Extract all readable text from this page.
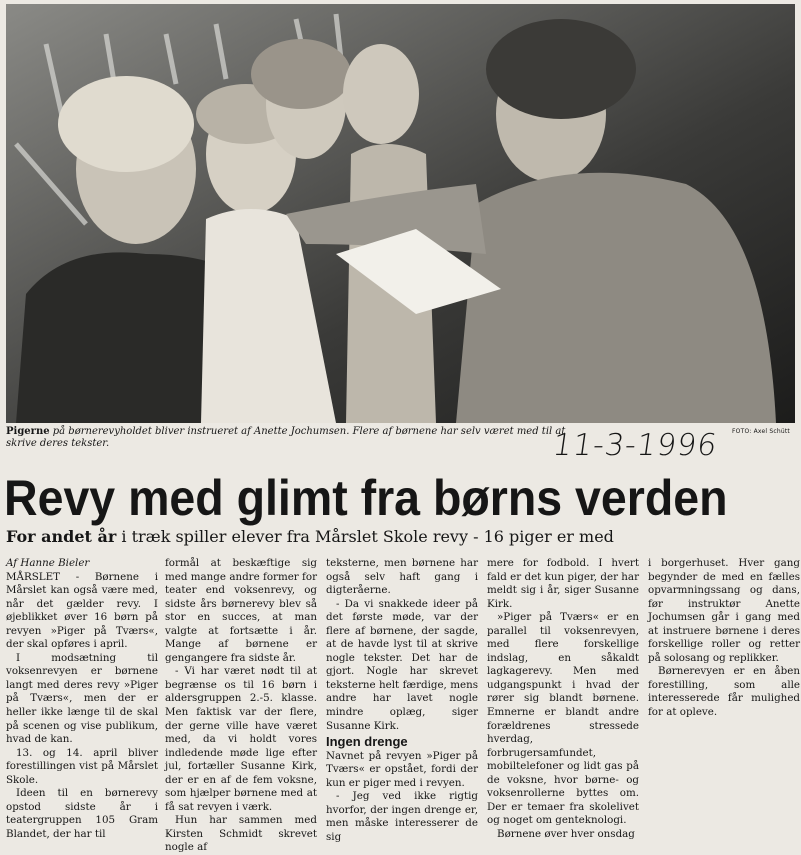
Pigerne på børnerevyholdet bliver instrueret af Anette Jochumsen. Flere af børnene har selv været med til at skrive deres tekster.	11-3-1996 FOTO: Axel Schütt
Revy med glimt fra børns verden
For andet år i træk spiller elever fra Mårslet Skole revy - 16 piger er med

Af Hanne Bieler

MÅRSLET - Børnene i Mårslet kan også være med, når det gælder revy. I øjeblikket øver 16 børn på revyen »Piger på Tværs«, der skal opføres i april.

I modsætning til voksenrevyen er børnene langt med deres revy »Piger på Tværs«, men der er heller ikke længe til de skal på scenen og vise publikum, hvad de kan.

13. og 14. april bliver forestillingen vist på Mårslet Skole.

Ideen til en børnerevy opstod sidste år i teatergruppen 105 Gram Blandet, der har til

formål at beskæftige sig med mange andre former for teater end voksenrevy, og sidste års børnerevy blev så stor en succes, at man valgte at fortsætte i år. Mange af børnene er gengangere fra sidste år.

- Vi har været nødt til at begrænse os til 16 børn i aldersgruppen 2.-5. klasse. Men faktisk var der flere, der gerne ville have været med, da vi holdt vores indledende møde lige efter jul, fortæller Susanne Kirk, der er en af de fem voksne, som hjælper børnene med at få sat revyen i værk.

Hun har sammen med Kirsten Schmidt skrevet nogle af

teksterne, men børnene har også selv haft gang i digteråerne.

- Da vi snakkede ideer på det første møde, var der flere af børnene, der sagde, at de havde lyst til at skrive nogle tekster. Det har de gjort. Nogle har skrevet teksterne helt færdige, mens andre har lavet nogle mindre oplæg, siger Susanne Kirk.

Ingen drenge

Navnet på revyen »Piger på Tværs« er opstået, fordi der kun er piger med i revyen.

- Jeg ved ikke rigtig hvorfor, der ingen drenge er, men måske interesserer de sig

mere for fodbold. I hvert fald er det kun piger, der har meldt sig i år, siger Susanne Kirk.

»Piger på Tværs« er en parallel til voksenrevyen, med flere forskellige indslag, en såkaldt lagkagerevy. Men med udgangspunkt i hvad der rører sig blandt børnene. Emnerne er blandt andre forældrenes stressede hverdag, forbrugersamfundet, mobiltelefoner og lidt gas på de voksne, hvor børne- og voksenrollerne byttes om. Der er temaer fra skolelivet og noget om genteknologi.

Børnene øver hver onsdag

i borgerhuset. Hver gang begynder de med en fælles opvarmningssang og dans, før instruktør Anette Jochumsen går i gang med at instruere børnene i deres forskellige roller og retter på solosang og replikker.

Børnerevyen er en åben forestilling, som alle interesserede får mulighed for at opleve.
